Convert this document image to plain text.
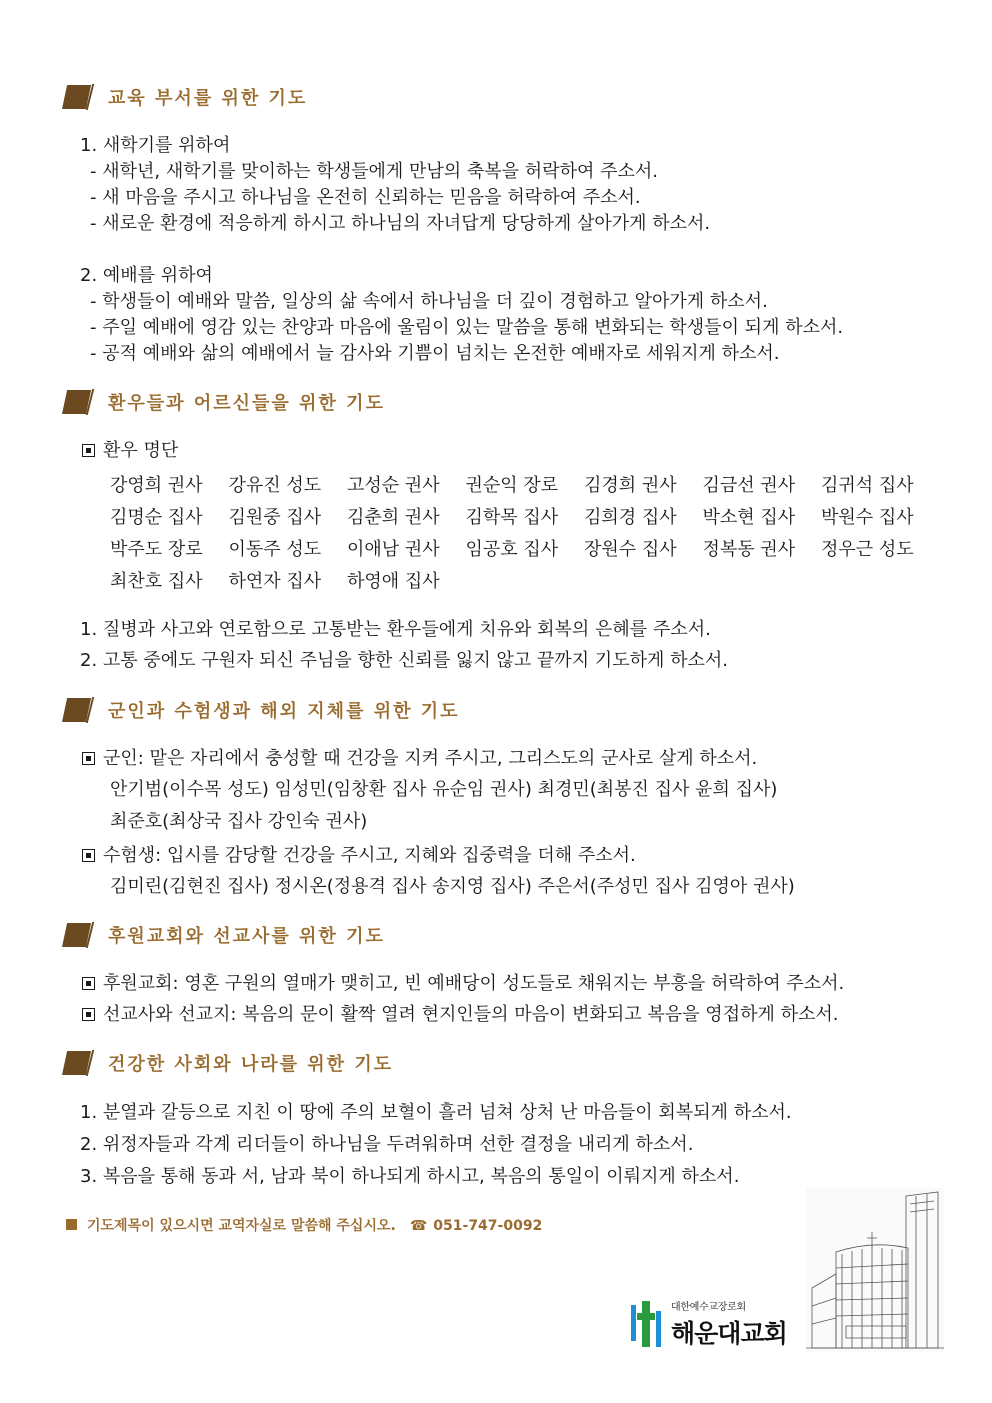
교육 부서를 위한 기도
1. 새학기를 위하여
- 새학년, 새학기를 맞이하는 학생들에게 만남의 축복을 허락하여 주소서.
- 새 마음을 주시고 하나님을 온전히 신뢰하는 믿음을 허락하여 주소서.
- 새로운 환경에 적응하게 하시고 하나님의 자녀답게 당당하게 살아가게 하소서.
2. 예배를 위하여
- 학생들이 예배와 말씀, 일상의 삶 속에서 하나님을 더 깊이 경험하고 알아가게 하소서.
- 주일 예배에 영감 있는 찬양과 마음에 울림이 있는 말씀을 통해 변화되는 학생들이 되게 하소서.
- 공적 예배와 삶의 예배에서 늘 감사와 기쁨이 넘치는 온전한 예배자로 세워지게 하소서.
환우들과 어르신들을 위한 기도
환우 명단
강영희 권사	강유진 성도	고성순 권사	권순익 장로	김경희 권사	김금선 권사	김귀석 집사
김명순 집사	김원중 집사	김춘희 권사	김학목 집사	김희경 집사	박소현 집사	박원수 집사
박주도 장로	이동주 성도	이애남 권사	임공호 집사	장원수 집사	정복동 권사	정우근 성도
최찬호 집사	하연자 집사	하영애 집사
1. 질병과 사고와 연로함으로 고통받는 환우들에게 치유와 회복의 은혜를 주소서.
2. 고통 중에도 구원자 되신 주님을 향한 신뢰를 잃지 않고 끝까지 기도하게 하소서.
군인과 수험생과 해외 지체를 위한 기도
군인: 맡은 자리에서 충성할 때 건강을 지켜 주시고, 그리스도의 군사로 살게 하소서.
안기범(이수목 성도) 임성민(임창환 집사 유순임 권사) 최경민(최봉진 집사 윤희 집사)
최준호(최상국 집사 강인숙 권사)
수험생: 입시를 감당할 건강을 주시고, 지혜와 집중력을 더해 주소서.
김미린(김현진 집사) 정시온(정용격 집사 송지영 집사) 주은서(주성민 집사 김영아 권사)
후원교회와 선교사를 위한 기도
후원교회: 영혼 구원의 열매가 맺히고, 빈 예배당이 성도들로 채워지는 부흥을 허락하여 주소서.
선교사와 선교지: 복음의 문이 활짝 열려 현지인들의 마음이 변화되고 복음을 영접하게 하소서.
건강한 사회와 나라를 위한 기도
1. 분열과 갈등으로 지친 이 땅에 주의 보혈이 흘러 넘쳐 상처 난 마음들이 회복되게 하소서.
2. 위정자들과 각계 리더들이 하나님을 두려워하며 선한 결정을 내리게 하소서.
3. 복음을 통해 동과 서, 남과 북이 하나되게 하시고, 복음의 통일이 이뤄지게 하소서.
기도제목이 있으시면 교역자실로 말씀해 주십시오. ☎ 051-747-0092
대한예수교장로회
해운대교회
